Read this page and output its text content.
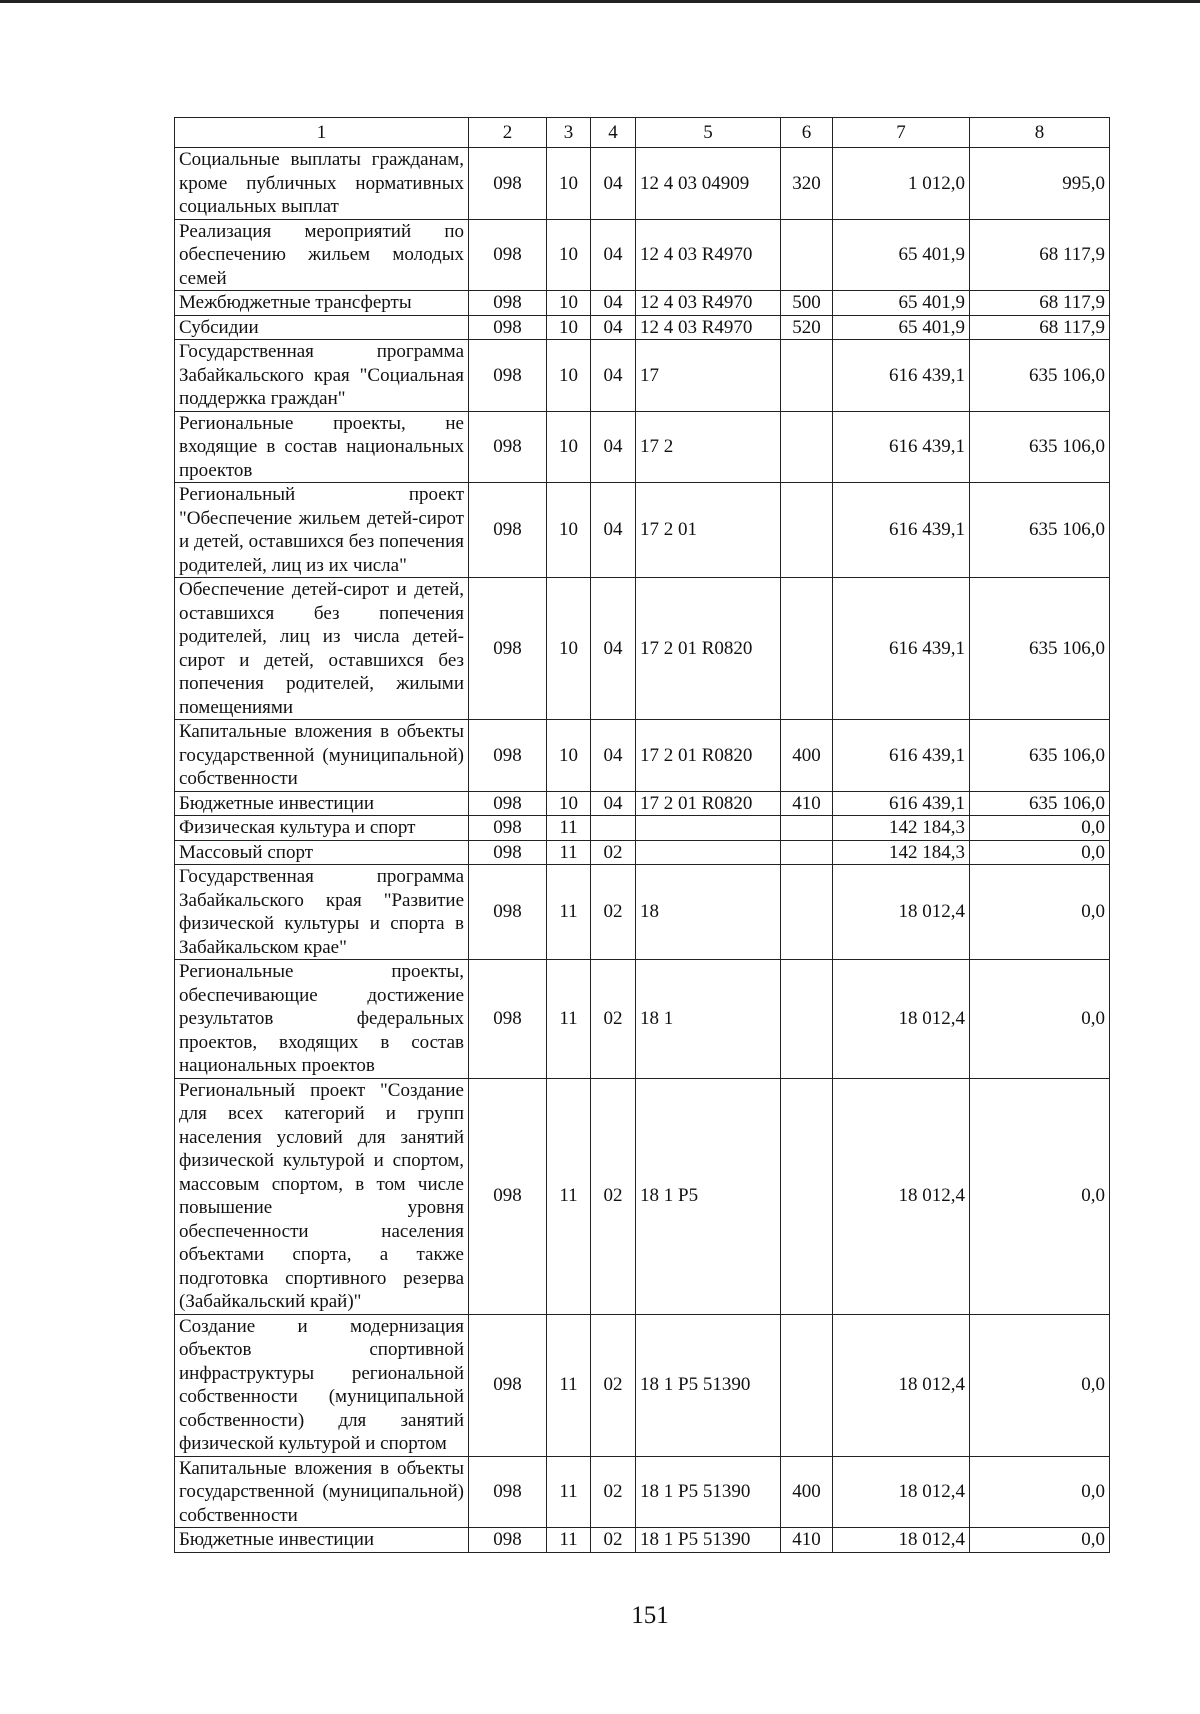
1	2	3	4	5	6	7	8
Социальные выплаты гражданам, кроме публичных нормативных социальных выплат	098	10	04	12 4 03 04909	320	1 012,0	995,0
Реализация мероприятий по обеспечению жильем молодых семей	098	10	04	12 4 03 R4970		65 401,9	68 117,9
Межбюджетные трансферты	098	10	04	12 4 03 R4970	500	65 401,9	68 117,9
Субсидии	098	10	04	12 4 03 R4970	520	65 401,9	68 117,9
Государственная программа Забайкальского края "Социальная поддержка граждан"	098	10	04	17		616 439,1	635 106,0
Региональные проекты, не входящие в состав национальных проектов	098	10	04	17 2		616 439,1	635 106,0
Региональный проект "Обеспечение жильем детей-сирот и детей, оставшихся без попечения родителей, лиц из их числа"	098	10	04	17 2 01		616 439,1	635 106,0
Обеспечение детей-сирот и детей, оставшихся без попечения родителей, лиц из числа детей-сирот и детей, оставшихся без попечения родителей, жилыми помещениями	098	10	04	17 2 01 R0820		616 439,1	635 106,0
Капитальные вложения в объекты государственной (муниципальной) собственности	098	10	04	17 2 01 R0820	400	616 439,1	635 106,0
Бюджетные инвестиции	098	10	04	17 2 01 R0820	410	616 439,1	635 106,0
Физическая культура и спорт	098	11				142 184,3	0,0
Массовый спорт	098	11	02			142 184,3	0,0
Государственная программа Забайкальского края "Развитие физической культуры и спорта в Забайкальском крае"	098	11	02	18		18 012,4	0,0
Региональные проекты, обеспечивающие достижение результатов федеральных проектов, входящих в состав национальных проектов	098	11	02	18 1		18 012,4	0,0
Региональный проект "Создание для всех категорий и групп населения условий для занятий физической культурой и спортом, массовым спортом, в том числе повышение уровня обеспеченности населения объектами спорта, а также подготовка спортивного резерва (Забайкальский край)"	098	11	02	18 1 P5		18 012,4	0,0
Создание и модернизация объектов спортивной инфраструктуры региональной собственности (муниципальной собственности) для занятий физической культурой и спортом	098	11	02	18 1 P5 51390		18 012,4	0,0
Капитальные вложения в объекты государственной (муниципальной) собственности	098	11	02	18 1 P5 51390	400	18 012,4	0,0
Бюджетные инвестиции	098	11	02	18 1 P5 51390	410	18 012,4	0,0
151
